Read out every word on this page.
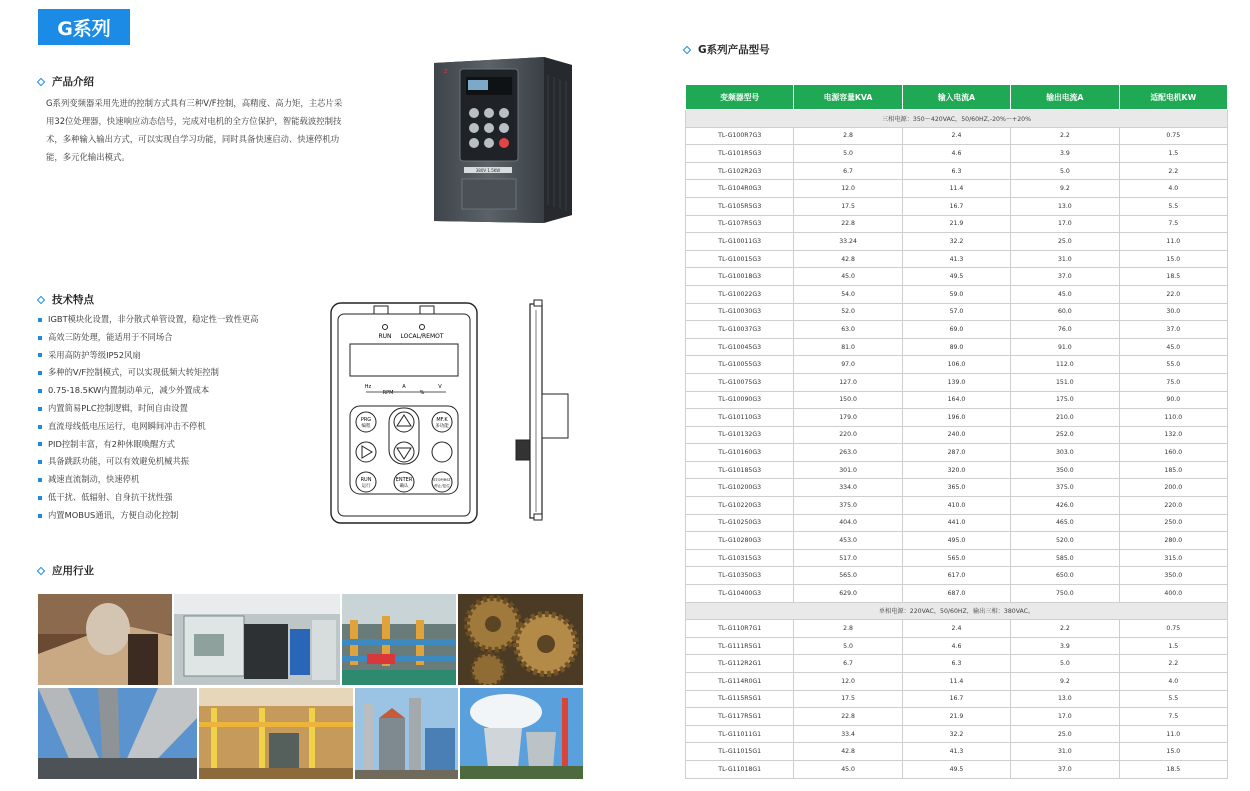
G系列
产品介绍

G系列变频器采用先进的控制方式具有三种V/F控制，高精度、高力矩，主芯片采用32位处理器，快速响应动态信号，完成对电机的全方位保护，智能载波控制技术，多种输入输出方式，可以实现自学习功能，同时具备快速启动、快速停机功能，多元化输出模式。

技术特点
IGBT模块化设置，非分散式单管设置，稳定性一致性更高
高效三防处理，能适用于不同场合
采用高防护等级IP52风扇
多种的V/F控制模式，可以实现低频大转矩控制
0.75-18.5KW内置制动单元，减少外置成本
内置简易PLC控制逻辑，时间自由设置
直流母线低电压运行，电网瞬间冲击不停机
PID控制丰富，有2种休眠唤醒方式
具备跳跃功能，可以有效避免机械共振
减速直流制动，快速停机
低干扰、低辐射、自身抗干扰性强
内置MOBUS通讯，方便自动化控制
应用行业
380V 1.5KW
Z
RUN LOCAL/REMOT
Hz
RPM
A
%
V
PRG
编程
MF.K
多功能
RUN
运行
ENTER
确认
STOP/RST
停止/复位
G系列产品型号
变频器型号	电源容量KVA	输入电流A	输出电流A	适配电机KW
三相电源：350～420VAC，50/60HZ,-20%～+20%				
TL-G100R7G3	2.8	2.4	2.2	0.75
TL-G101R5G3	5.0	4.6	3.9	1.5
TL-G102R2G3	6.7	6.3	5.0	2.2
TL-G104R0G3	12.0	11.4	9.2	4.0
TL-G105R5G3	17.5	16.7	13.0	5.5
TL-G107R5G3	22.8	21.9	17.0	7.5
TL-G10011G3	33.24	32.2	25.0	11.0
TL-G10015G3	42.8	41.3	31.0	15.0
TL-G10018G3	45.0	49.5	37.0	18.5
TL-G10022G3	54.0	59.0	45.0	22.0
TL-G10030G3	52.0	57.0	60.0	30.0
TL-G10037G3	63.0	69.0	76.0	37.0
TL-G10045G3	81.0	89.0	91.0	45.0
TL-G10055G3	97.0	106.0	112.0	55.0
TL-G10075G3	127.0	139.0	151.0	75.0
TL-G10090G3	150.0	164.0	175.0	90.0
TL-G10110G3	179.0	196.0	210.0	110.0
TL-G10132G3	220.0	240.0	252.0	132.0
TL-G10160G3	263.0	287.0	303.0	160.0
TL-G10185G3	301.0	320.0	350.0	185.0
TL-G10200G3	334.0	365.0	375.0	200.0
TL-G10220G3	375.0	410.0	426.0	220.0
TL-G10250G3	404.0	441.0	465.0	250.0
TL-G10280G3	453.0	495.0	520.0	280.0
TL-G10315G3	517.0	565.0	585.0	315.0
TL-G10350G3	565.0	617.0	650.0	350.0
TL-G10400G3	629.0	687.0	750.0	400.0
单相电源：220VAC，50/60HZ，输出三相：380VAC。				
TL-G110R7G1	2.8	2.4	2.2	0.75
TL-G111R5G1	5.0	4.6	3.9	1.5
TL-G112R2G1	6.7	6.3	5.0	2.2
TL-G114R0G1	12.0	11.4	9.2	4.0
TL-G115R5G1	17.5	16.7	13.0	5.5
TL-G117R5G1	22.8	21.9	17.0	7.5
TL-G11011G1	33.4	32.2	25.0	11.0
TL-G11015G1	42.8	41.3	31.0	15.0
TL-G11018G1	45.0	49.5	37.0	18.5
